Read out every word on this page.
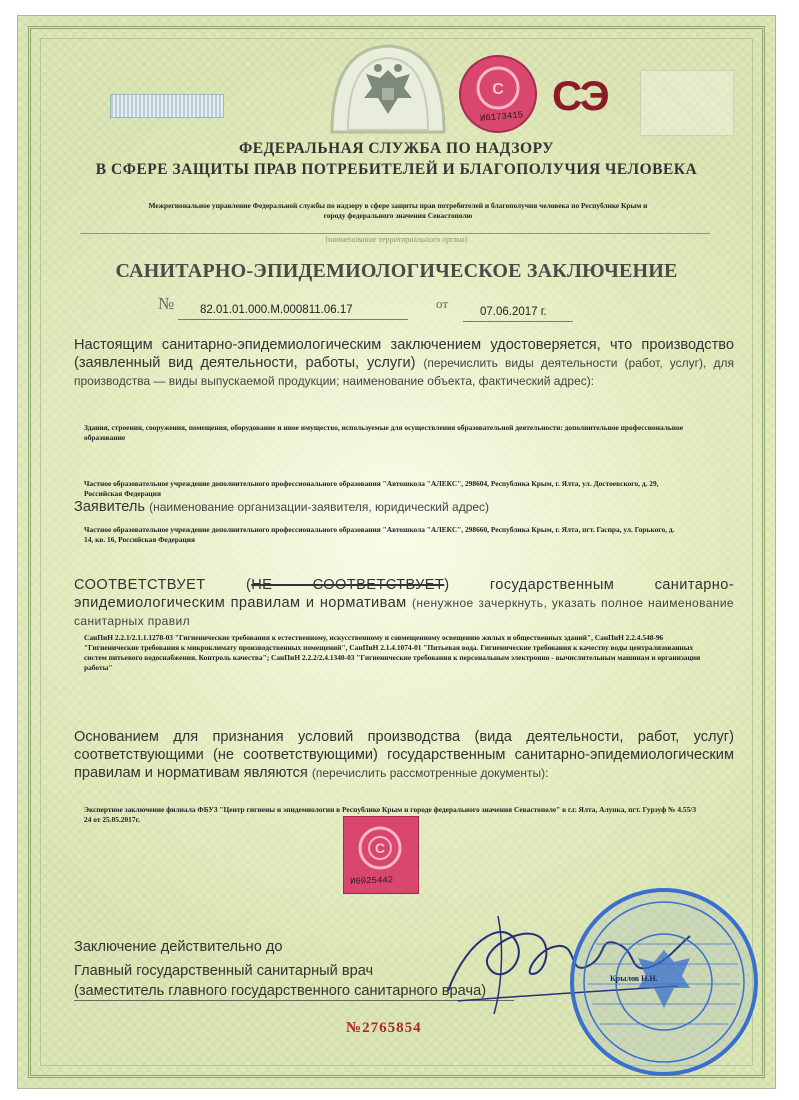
С
И6173415 СЭ
ФЕДЕРАЛЬНАЯ СЛУЖБА ПО НАДЗОРУ
В СФЕРЕ ЗАЩИТЫ ПРАВ ПОТРЕБИТЕЛЕЙ И БЛАГОПОЛУЧИЯ ЧЕЛОВЕКА
Межрегиональное управление Федеральной службы по надзору в сфере защиты прав потребителей и благополучия человека по Республике Крым и городу федерального значения Севастополю
(наименование территориального органа)
САНИТАРНО-ЭПИДЕМИОЛОГИЧЕСКОЕ ЗАКЛЮЧЕНИЕ
№ 82.01.01.000.М.000811.06.17	от
07.06.2017 г.
Настоящим санитарно-эпидемиологическим заключением удостоверяется, что производство (заявленный вид деятельности, работы, услуги) (перечислить виды деятельности (работ, услуг), для производства — виды выпускаемой продукции; наименование объекта, фактический адрес):
Здания, строения, сооружения, помещения, оборудование и иное имущество, используемые для осуществления образовательной деятельности: дополнительное профессиональное образование
Частное образовательное учреждение дополнительного профессионального образования "Автошкола "АЛЕКС", 298604, Республика Крым, г. Ялта, ул. Достоевского, д. 29, Российская Федерация
Заявитель (наименование организации-заявителя, юридический адрес)
Частное образовательное учреждение дополнительного профессионального образования "Автошкола "АЛЕКС", 298660, Республика Крым, г. Ялта, пгт. Гаспра, ул. Горького, д. 14, кв. 16, Российская Федерация
СООТВЕТСТВУЕТ (НЕ СООТВЕТСТВУЕТ) государственным санитарно-эпидемиологическим правилам и нормативам (ненужное зачеркнуть, указать полное наименование санитарных правил
СанПиН 2.2.1/2.1.1.1278-03 "Гигиенические требования к естественному, искусственному и совмещенному освещению жилых и общественных зданий", СанПиН 2.2.4.548-96 "Гигиенические требования к микроклимату производственных помещений", СанПиН 2.1.4.1074-01 "Питьевая вода. Гигиенические требования к качеству воды централизованных систем питьевого водоснабжения. Контроль качества"; СанПиН 2.2.2/2.4.1340-03 "Гигиенические требования к персональным электронно - вычислительным машинам и организации работы"
Основанием для признания условий производства (вида деятельности, работ, услуг) соответствующими (не соответствующими) государственным санитарно-эпидемиологическим правилам и нормативам являются (перечислить рассмотренные документы):
Экспертное заключение филиала ФБУЗ "Центр гигиены и эпидемиологии в Республике Крым и городе федерального значения Севастополе" в г.г. Ялта, Алупка, пгт. Гурзуф № 4.55/3 24 от 25.05.2017г.
С
И6025442
Заключение действительно до
Главный государственный санитарный врач
(заместитель главного государственного санитарного врача)
Крылов Н.Н.
№2765854
